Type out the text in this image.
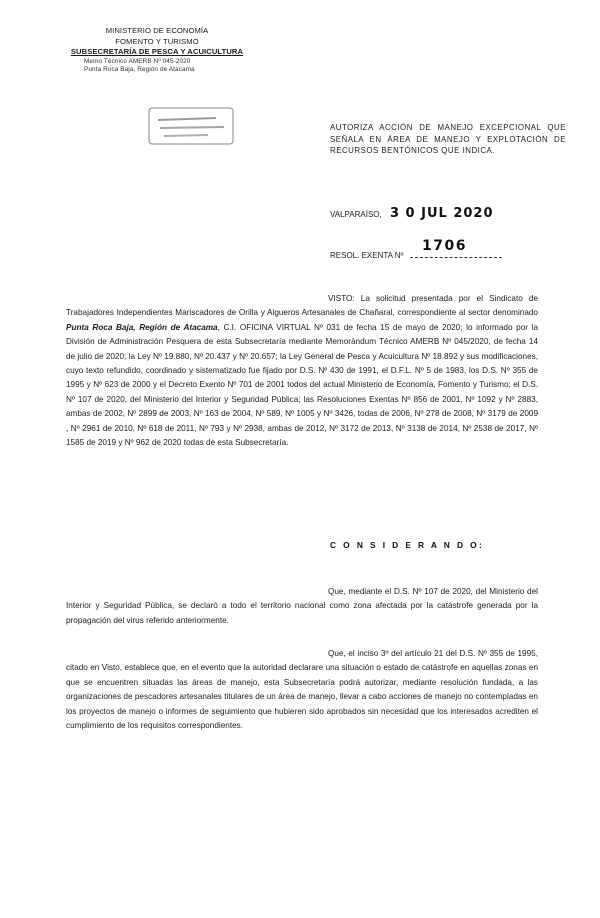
MINISTERIO DE ECONOMÍA
FOMENTO Y TURISMO
SUBSECRETARÍA DE PESCA Y ACUICULTURA
Memo Técnico AMERB Nº 045-2020
Punta Roca Baja, Región de Atacama
AUTORIZA ACCIÓN DE MANEJO EXCEPCIONAL QUE SEÑALA EN ÁREA DE MANEJO Y EXPLOTACIÓN DE RECURSOS BENTÓNICOS QUE INDICA.
VALPARAÍSO, 3 0 JUL 2020
RESOL. EXENTA Nº
1706
VISTO: La solicitud presentada por el Sindicato de Trabajadores Independientes Mariscadores de Orilla y Algueros Artesanales de Chañaral, correspondiente al sector denominado Punta Roca Baja, Región de Atacama, C.I. OFICINA VIRTUAL Nº 031 de fecha 15 de mayo de 2020; lo informado por la División de Administración Pesquera de esta Subsecretaría mediante Memorándum Técnico AMERB Nº 045/2020, de fecha 14 de julio de 2020; la Ley Nº 19.880, Nº 20.437 y Nº 20.657; la Ley General de Pesca y Acuicultura Nº 18.892 y sus modificaciones, cuyo texto refundido, coordinado y sistematizado fue fijado por D.S. Nº 430 de 1991, el D.F.L. Nº 5 de 1983, los D.S. Nº 355 de 1995 y Nº 623 de 2000 y el Decreto Exento Nº 701 de 2001 todos del actual Ministerio de Economía, Fomento y Turismo; el D.S. Nº 107 de 2020, del Ministerio del Interior y Seguridad Pública; las Resoluciones Exentas Nº 856 de 2001, Nº 1092 y Nº 2883, ambas de 2002, Nº 2899 de 2003, Nº 163 de 2004, Nº 589, Nº 1005 y Nº 3426, todas de 2006, Nº 278 de 2008, Nº 3179 de 2009 , Nº 2961 de 2010, Nº 618 de 2011, Nº 793 y Nº 2938, ambas de 2012, Nº 3172 de 2013, Nº 3138 de 2014, Nº 2538 de 2017, Nº 1585 de 2019 y Nº 962 de 2020 todas de esta Subsecretaría.
C O N S I D E R A N D O:
Que, mediante el D.S. Nº 107 de 2020, del Ministerio del Interior y Seguridad Pública, se declaró a todo el territorio nacional como zona afectada por la catástrofe generada por la propagación del virus referido anteriormente.
Que, el inciso 3º del artículo 21 del D.S. Nº 355 de 1995, citado en Visto, establece que, en el evento que la autoridad declarare una situación o estado de catástrofe en aquellas zonas en que se encuentren situadas las áreas de manejo, esta Subsecretaría podrá autorizar, mediante resolución fundada, a las organizaciones de pescadores artesanales titulares de un área de manejo, llevar a cabo acciones de manejo no contempladas en los proyectos de manejo o informes de seguimiento que hubieren sido aprobados sin necesidad que los interesados acrediten el cumplimiento de los requisitos correspondientes.
